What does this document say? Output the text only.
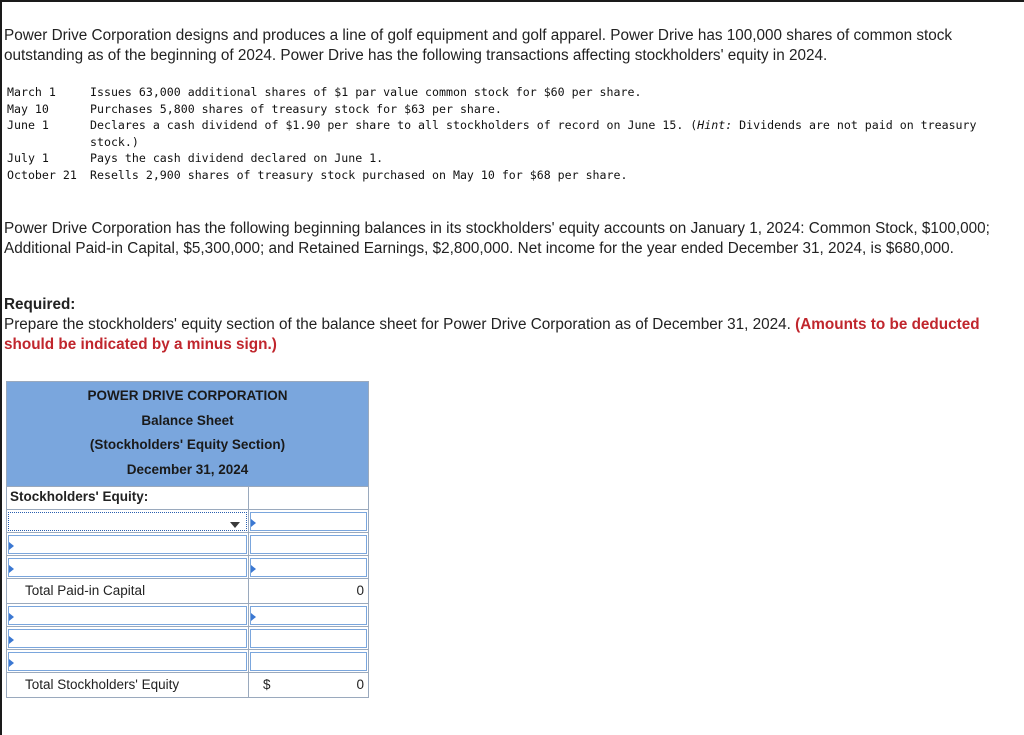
Power Drive Corporation designs and produces a line of golf equipment and golf apparel. Power Drive has 100,000 shares of common stock outstanding as of the beginning of 2024. Power Drive has the following transactions affecting stockholders' equity in 2024.
March 1	Issues 63,000 additional shares of $1 par value common stock for $60 per share.
May 10	Purchases 5,800 shares of treasury stock for $63 per share.
June 1	Declares a cash dividend of $1.90 per share to all stockholders of record on June 15. (Hint: Dividends are not paid on treasury stock.)
July 1	Pays the cash dividend declared on June 1.
October 21	Resells 2,900 shares of treasury stock purchased on May 10 for $68 per share.
Power Drive Corporation has the following beginning balances in its stockholders' equity accounts on January 1, 2024: Common Stock, $100,000; Additional Paid-in Capital, $5,300,000; and Retained Earnings, $2,800,000. Net income for the year ended December 31, 2024, is $680,000.
Required:
Prepare the stockholders' equity section of the balance sheet for Power Drive Corporation as of December 31, 2024. (Amounts to be deducted should be indicated by a minus sign.)
POWER DRIVE CORPORATION
Balance Sheet
(Stockholders' Equity Section)
December 31, 2024
Stockholders' Equity:
Total Paid-in Capital	0
Total Stockholders' Equity	$	0
